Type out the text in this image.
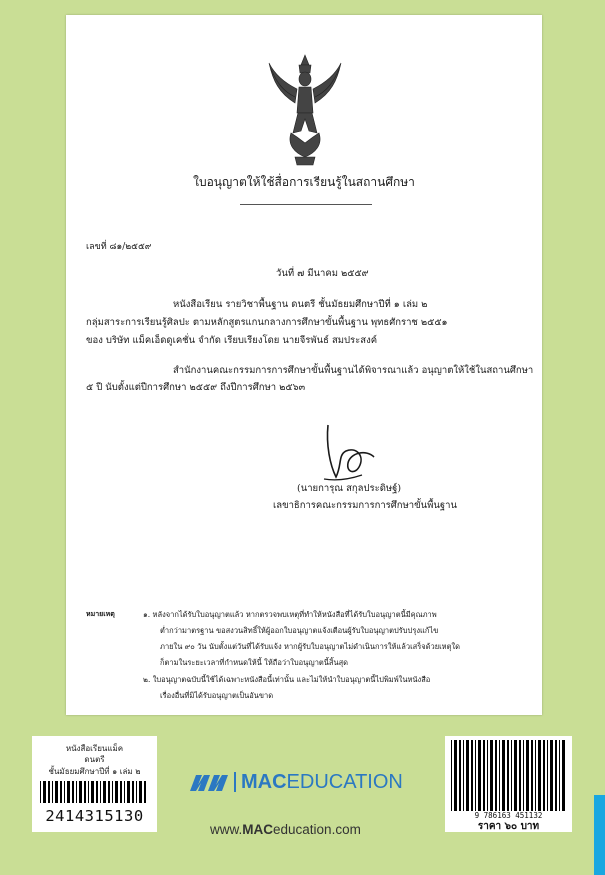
ใบอนุญาตให้ใช้สื่อการเรียนรู้ในสถานศึกษา
เลขที่ ๘๑/๒๕๕๙
วันที่ ๗ มีนาคม ๒๕๕๙
หนังสือเรียน รายวิชาพื้นฐาน ดนตรี ชั้นมัธยมศึกษาปีที่ ๑ เล่ม ๒
กลุ่มสาระการเรียนรู้ศิลปะ ตามหลักสูตรแกนกลางการศึกษาขั้นพื้นฐาน พุทธศักราช ๒๕๕๑
ของ บริษัท แม็คเอ็ดดูเคชั่น จำกัด เรียบเรียงโดย นายจีรพันธ์ สมประสงค์
สำนักงานคณะกรรมการการศึกษาขั้นพื้นฐานได้พิจารณาแล้ว อนุญาตให้ใช้ในสถานศึกษา
๕ ปี นับตั้งแต่ปีการศึกษา ๒๕๕๙ ถึงปีการศึกษา ๒๕๖๓
(นายการุณ สกุลประดิษฐ์)
เลขาธิการคณะกรรมการการศึกษาขั้นพื้นฐาน
หมายเหตุ	๑. หลังจากได้รับใบอนุญาตแล้ว หากตรวจพบเหตุที่ทำให้หนังสือที่ได้รับใบอนุญาตนี้มีคุณภาพ
ต่ำกว่ามาตรฐาน ขอสงวนสิทธิ์ให้ผู้ออกใบอนุญาตแจ้งเตือนผู้รับใบอนุญาตปรับปรุงแก้ไข
ภายใน ๙๐ วัน นับตั้งแต่วันที่ได้รับแจ้ง หากผู้รับใบอนุญาตไม่ดำเนินการให้แล้วเสร็จด้วยเหตุใด
ก็ตามในระยะเวลาที่กำหนดให้นี้ ให้ถือว่าใบอนุญาตนี้สิ้นสุด
๒. ใบอนุญาตฉบับนี้ใช้ได้เฉพาะหนังสือนี้เท่านั้น และไม่ให้นำใบอนุญาตนี้ไปพิมพ์ในหนังสือ
เรื่องอื่นที่มิได้รับอนุญาตเป็นอันขาด
หนังสือเรียนแม็ค
ดนตรี
ชั้นมัธยมศึกษาปีที่ ๑ เล่ม ๒
2414315130
MAC EDUCATION
www.MACeducation.com
9 786163 451132
ราคา ๖๐ บาท
